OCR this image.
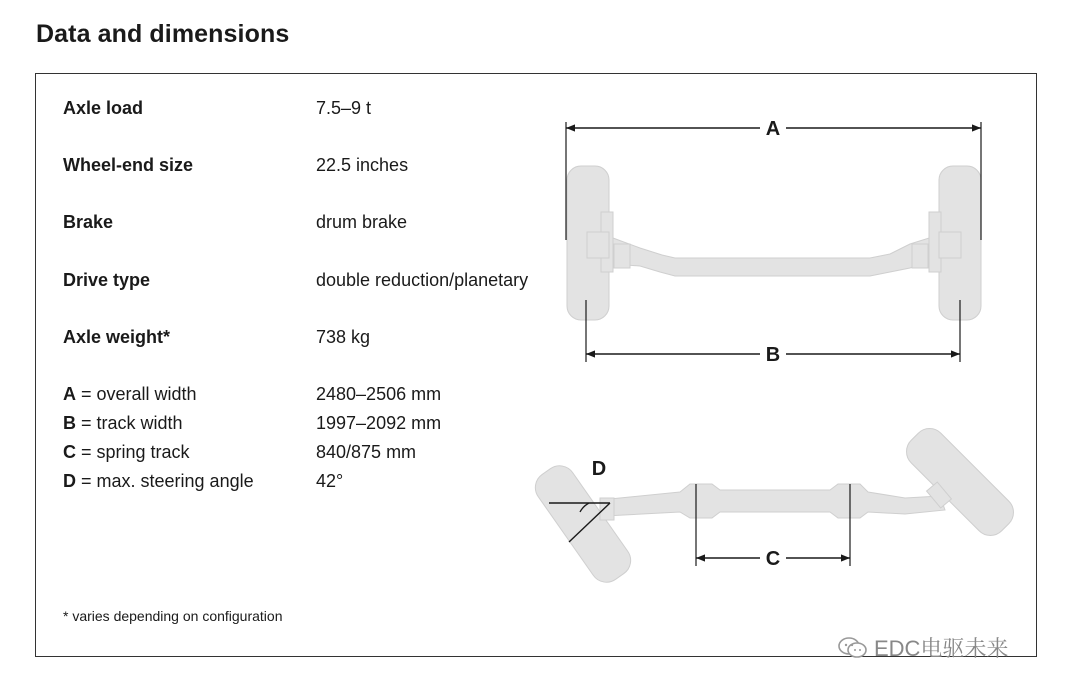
Data and dimensions
Axle load	7.5–9 t
Wheel-end size	22.5 inches
Brake	drum brake
Drive type	double reduction/planetary
Axle weight*	738 kg
A = overall width	2480–2506 mm
B = track width	1997–2092 mm
C = spring track	840/875 mm
D = max. steering angle	42°
* varies depending on configuration
A
B
D
C
EDC电驱未来
